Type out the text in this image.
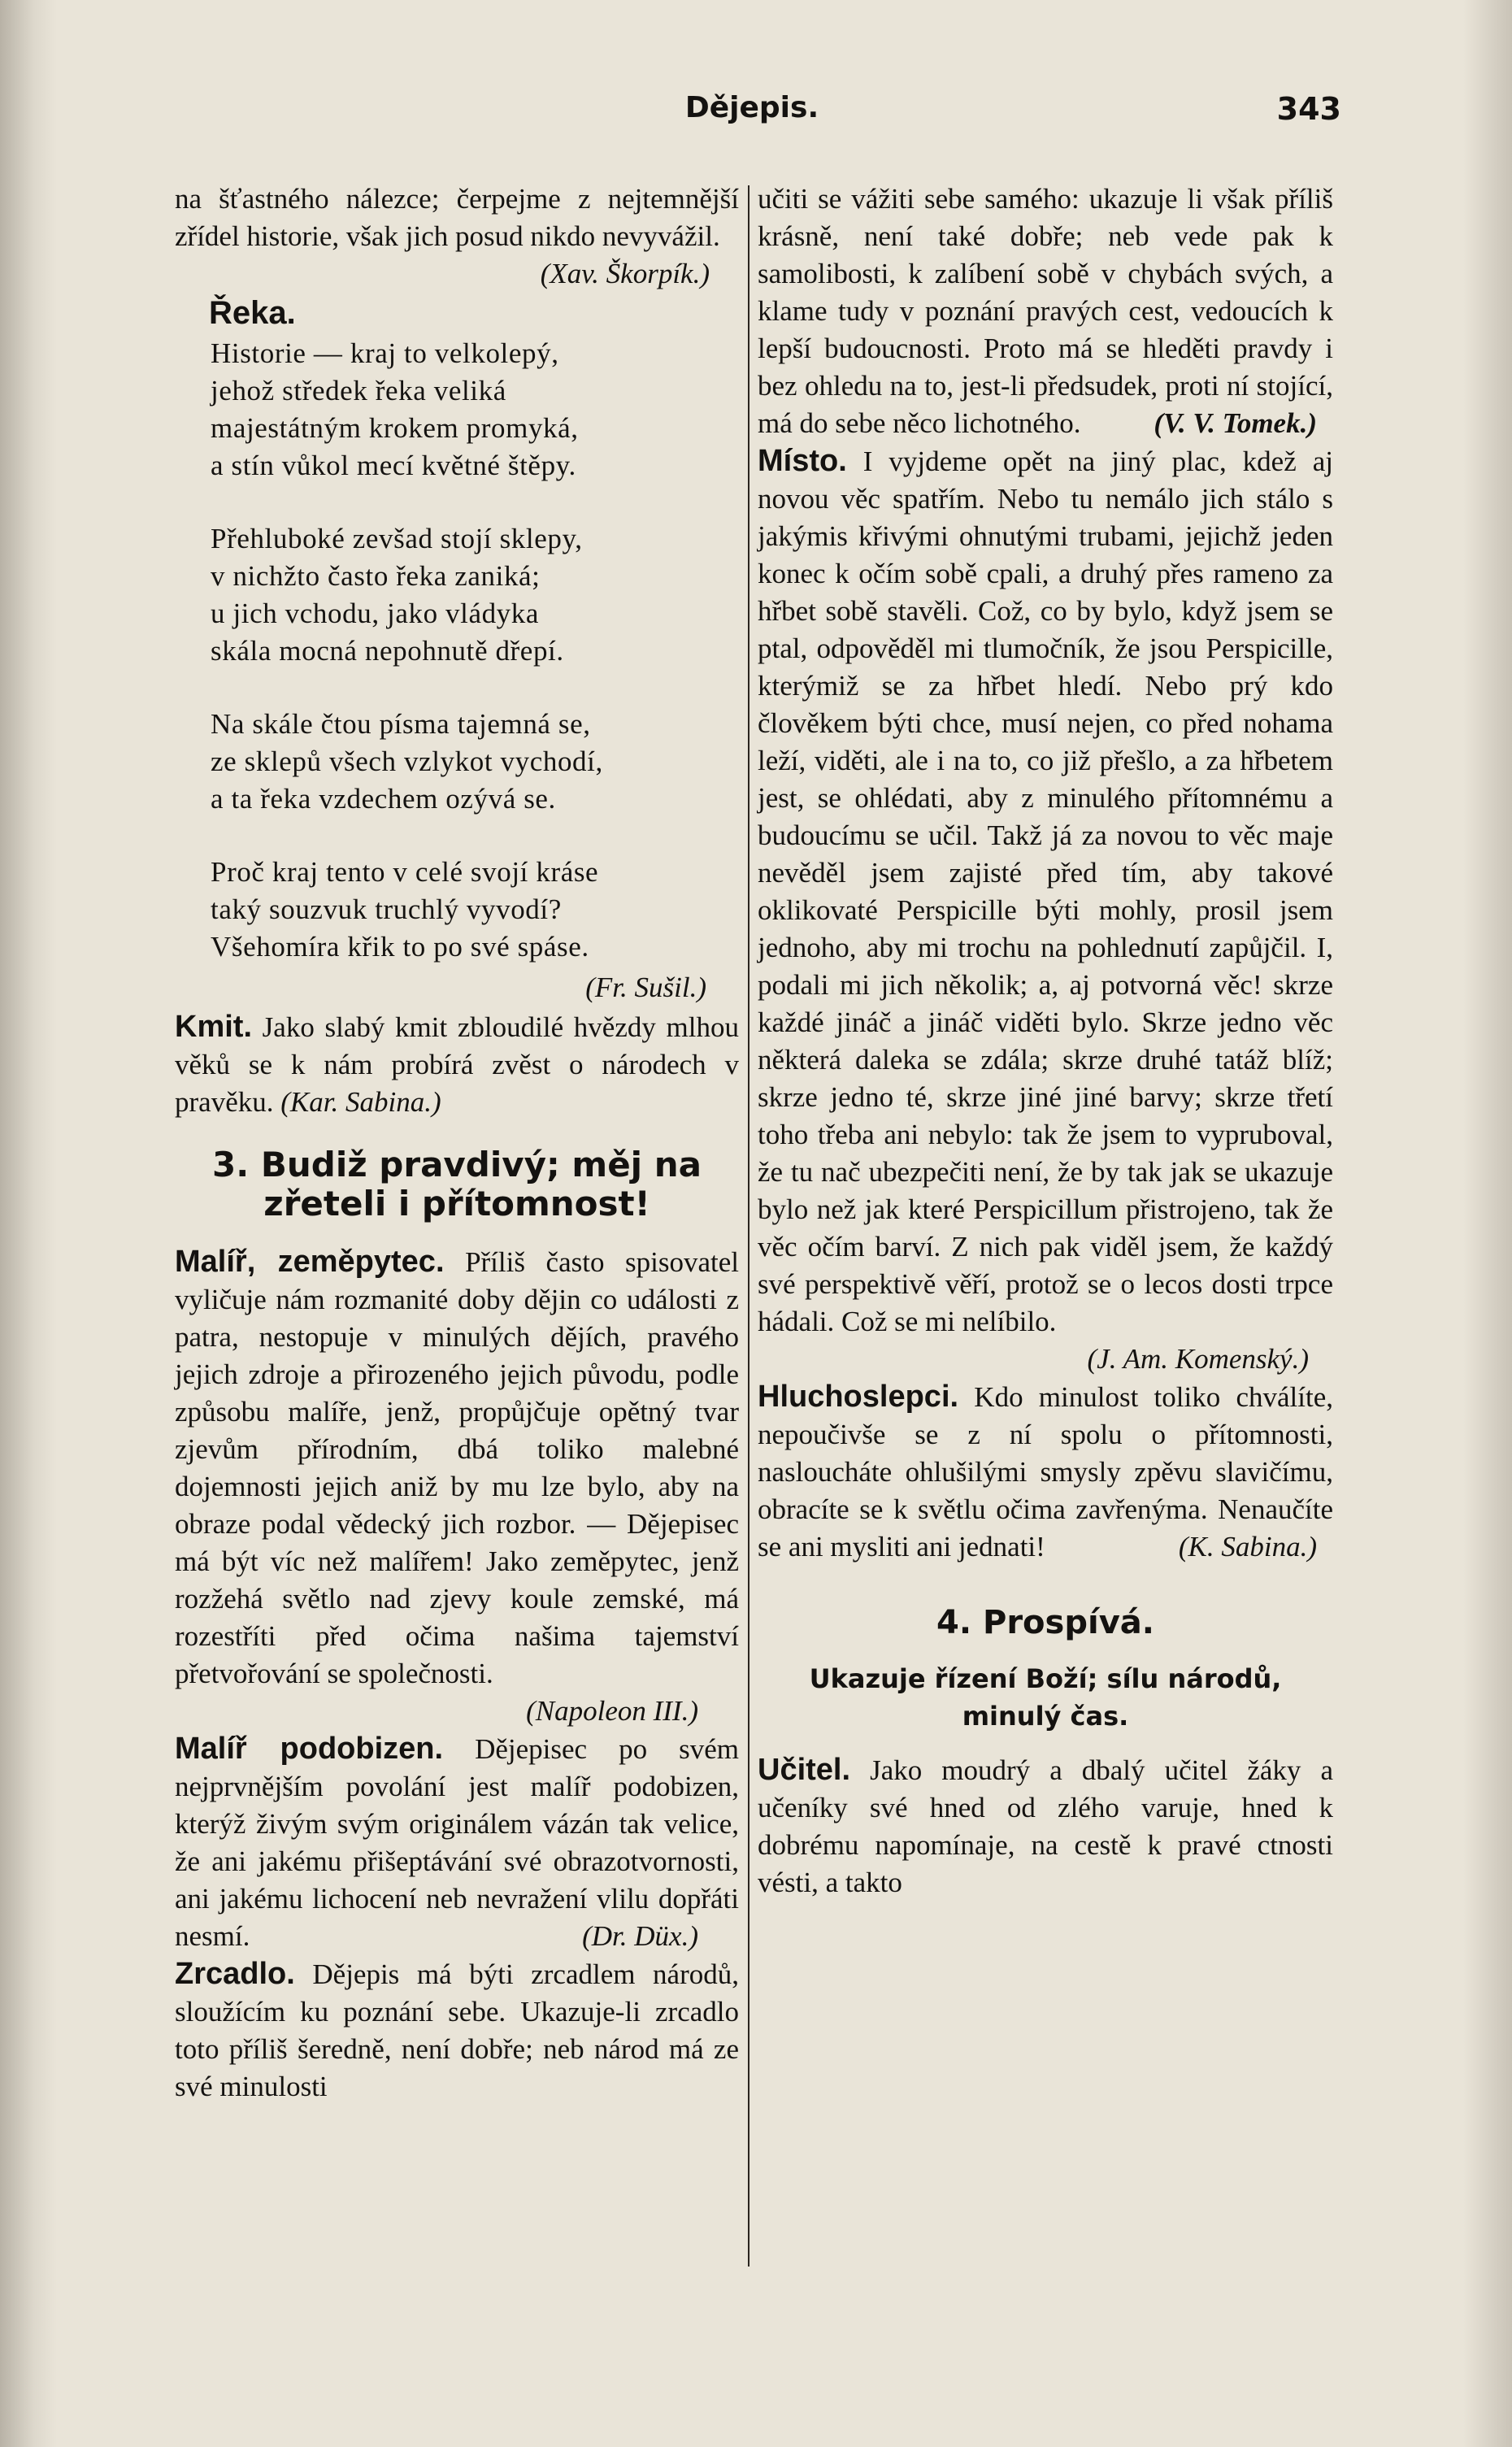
Dějepis.	343

na šťastného nálezce; čerpejme z nejtemnější zřídel historie, však jich posud nikdo nevyvážil.
(Xav. Škorpík.)

Řeka.
Historie — kraj to velkolepý,
jehož středek řeka veliká
majestátným krokem promyká,
a stín vůkol mecí květné štěpy.
Přehluboké zevšad stojí sklepy,
v nichžto často řeka zaniká;
u jich vchodu, jako vládyka
skála mocná nepohnutě dřepí.
Na skále čtou písma tajemná se,
ze sklepů všech vzlykot vychodí,
a ta řeka vzdechem ozývá se.
Proč kraj tento v celé svojí kráse
taký souzvuk truchlý vyvodí?
Všehomíra křik to po své spáse.

(Fr. Sušil.)

Kmit. Jako slabý kmit zbloudilé hvězdy mlhou věků se k nám probírá zvěst o národech v pravěku. (Kar. Sabina.)

3. Budiž pravdivý; měj na zřeteli i přítomnost!

Malíř, zeměpytec. Příliš často spisovatel vyličuje nám rozmanité doby dějin co události z patra, nestopuje v minulých dějích, pravého jejich zdroje a přirozeného jejich původu, podle způsobu malíře, jenž, propůjčuje opětný tvar zjevům přírodním, dbá toliko malebné dojemnosti jejich aniž by mu lze bylo, aby na obraze podal vědecký jich rozbor. — Dějepisec má být víc než malířem! Jako zeměpytec, jenž rozžehá světlo nad zjevy koule zemské, má rozestříti před očima našima tajemství přetvořování se společnosti.

(Napoleon III.)

Malíř podobizen. Dějepisec po svém nejprvnějším povolání jest malíř podobizen, kterýž živým svým originálem vázán tak velice, že ani jakému přišeptávání své obrazotvornosti, ani jakému lichocení neb nevražení vlilu dopřáti nesmí.	(Dr. Düx.)

Zrcadlo. Dějepis má býti zrcadlem národů, sloužícím ku poznání sebe. Ukazuje-li zrcadlo toto příliš šeredně, není dobře; neb národ má ze své minulosti

učiti se vážiti sebe samého: ukazuje li však příliš krásně, není také dobře; neb vede pak k samolibosti, k zalíbení sobě v chybách svých, a klame tudy v poznání pravých cest, vedoucích k lepší budoucnosti. Proto má se hleděti pravdy i bez ohledu na to, jest-li předsudek, proti ní stojící, má do sebe něco lichotného.	(V. V. Tomek.)

Místo. I vyjdeme opět na jiný plac, kdež aj novou věc spatřím. Nebo tu nemálo jich stálo s jakýmis křivými ohnutými trubami, jejichž jeden konec k očím sobě cpali, a druhý přes rameno za hřbet sobě stavěli. Což, co by bylo, když jsem se ptal, odpověděl mi tlumočník, že jsou Perspicille, kterýmiž se za hřbet hledí. Nebo prý kdo člověkem býti chce, musí nejen, co před nohama leží, viděti, ale i na to, co již přešlo, a za hřbetem jest, se ohlédati, aby z minulého přítomnému a budoucímu se učil. Takž já za novou to věc maje nevěděl jsem zajisté před tím, aby takové oklikovaté Perspicille býti mohly, prosil jsem jednoho, aby mi trochu na pohlednutí zapůjčil. I, podali mi jich několik; a, aj potvorná věc! skrze každé jináč a jináč viděti bylo. Skrze jedno věc některá daleka se zdála; skrze druhé tatáž blíž; skrze jedno té, skrze jiné jiné barvy; skrze třetí toho třeba ani nebylo: tak že jsem to vypruboval, že tu nač ubezpečiti není, že by tak jak se ukazuje bylo než jak které Perspicillum přistrojeno, tak že věc očím barví. Z nich pak viděl jsem, že každý své perspektivě věří, protož se o lecos dosti trpce hádali. Což se mi nelíbilo.

(J. Am. Komenský.)

Hluchoslepci. Kdo minulost toliko chválíte, nepoučivše se z ní spolu o přítomnosti, nasloucháte ohlušilými smysly zpěvu slavičímu, obracíte se k světlu očima zavřenýma. Nenaučíte se ani mysliti ani jednati!	(K. Sabina.)

4. Prospívá.
Ukazuje řízení Boží; sílu národů, minulý čas.

Učitel. Jako moudrý a dbalý učitel žáky a učeníky své hned od zlého varuje, hned k dobrému napomínaje, na cestě k pravé ctnosti vésti, a takto
